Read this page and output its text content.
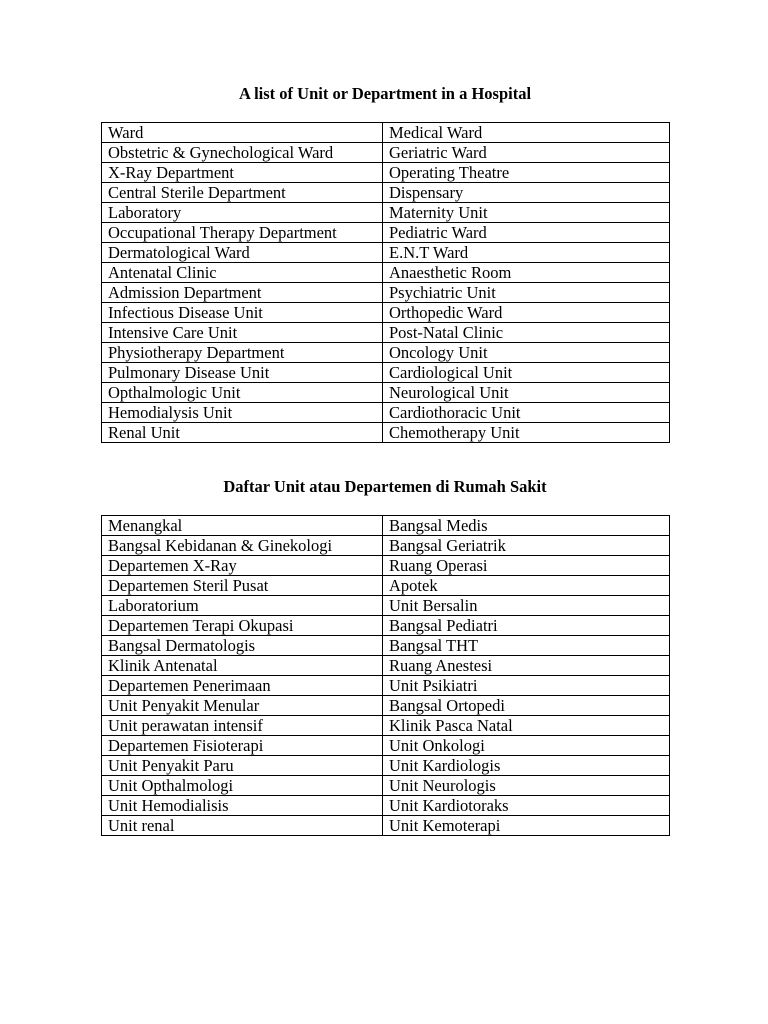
A list of Unit or Department in a Hospital
Ward	Medical Ward
Obstetric & Gynechological Ward	Geriatric Ward
X-Ray Department	Operating Theatre
Central Sterile Department	Dispensary
Laboratory	Maternity Unit
Occupational Therapy Department	Pediatric Ward
Dermatological Ward	E.N.T Ward
Antenatal Clinic	Anaesthetic Room
Admission Department	Psychiatric Unit
Infectious Disease Unit	Orthopedic Ward
Intensive Care Unit	Post-Natal Clinic
Physiotherapy Department	Oncology Unit
Pulmonary Disease Unit	Cardiological Unit
Opthalmologic Unit	Neurological Unit
Hemodialysis Unit	Cardiothoracic Unit
Renal Unit	Chemotherapy Unit
Daftar Unit atau Departemen di Rumah Sakit
Menangkal	Bangsal Medis
Bangsal Kebidanan & Ginekologi	Bangsal Geriatrik
Departemen X-Ray	Ruang Operasi
Departemen Steril Pusat	Apotek
Laboratorium	Unit Bersalin
Departemen Terapi Okupasi	Bangsal Pediatri
Bangsal Dermatologis	Bangsal THT
Klinik Antenatal	Ruang Anestesi
Departemen Penerimaan	Unit Psikiatri
Unit Penyakit Menular	Bangsal Ortopedi
Unit perawatan intensif	Klinik Pasca Natal
Departemen Fisioterapi	Unit Onkologi
Unit Penyakit Paru	Unit Kardiologis
Unit Opthalmologi	Unit Neurologis
Unit Hemodialisis	Unit Kardiotoraks
Unit renal	Unit Kemoterapi
